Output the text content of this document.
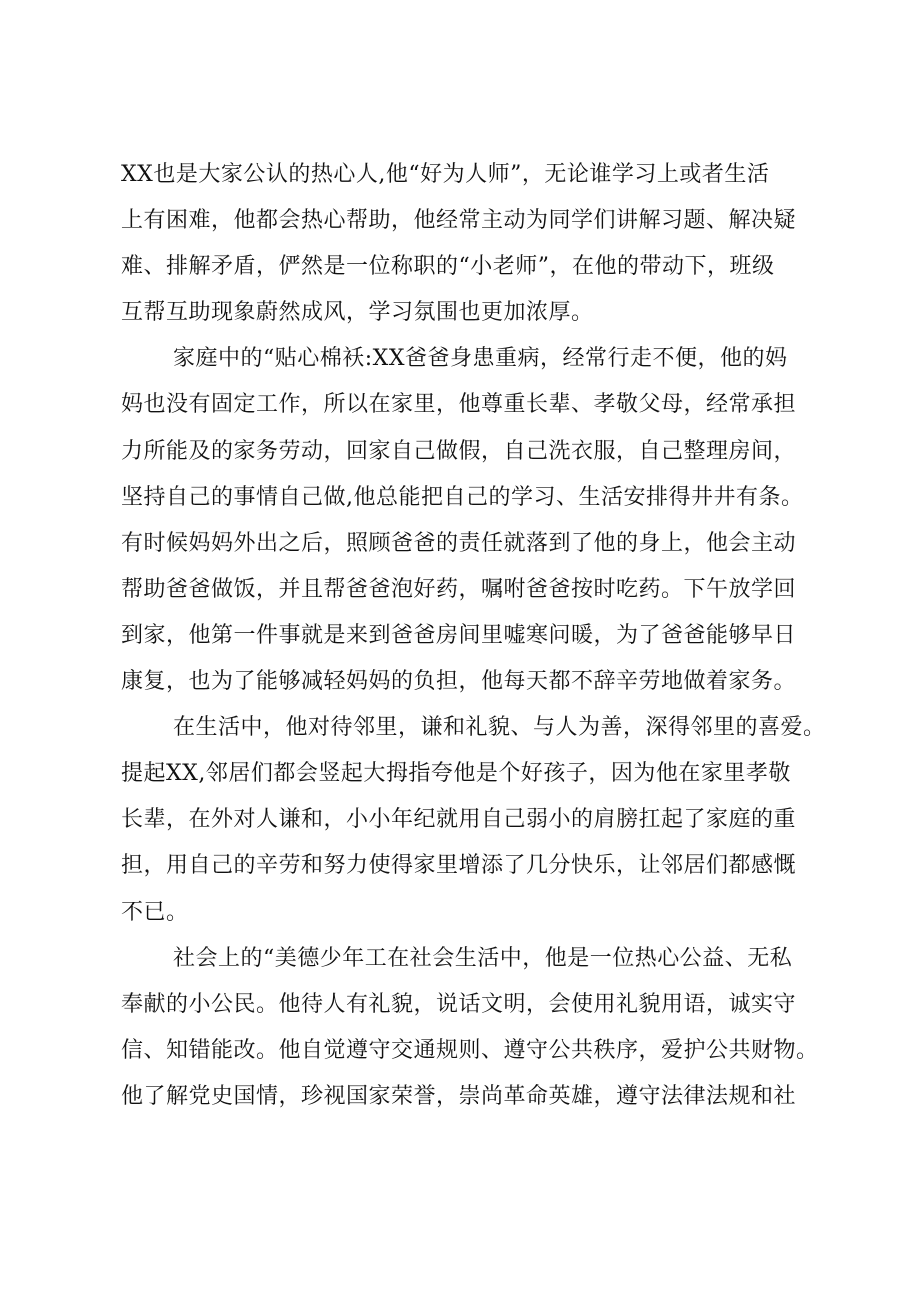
XX也是大家公认的热心人,他“好为人师”，无论谁学习上或者生活
上有困难，他都会热心帮助，他经常主动为同学们讲解习题、解决疑
难、排解矛盾，俨然是一位称职的“小老师”，在他的带动下，班级
互帮互助现象蔚然成风，学习氛围也更加浓厚。
家庭中的“贴心棉袄:XX爸爸身患重病，经常行走不便，他的妈
妈也没有固定工作，所以在家里，他尊重长辈、孝敬父母，经常承担
力所能及的家务劳动，回家自己做假，自己洗衣服，自己整理房间，
坚持自己的事情自己做,他总能把自己的学习、生活安排得井井有条。
有时候妈妈外出之后，照顾爸爸的责任就落到了他的身上，他会主动
帮助爸爸做饭，并且帮爸爸泡好药，嘱咐爸爸按时吃药。下午放学回
到家，他第一件事就是来到爸爸房间里嘘寒问暖，为了爸爸能够早日
康复，也为了能够减轻妈妈的负担，他每天都不辞辛劳地做着家务。
在生活中，他对待邻里，谦和礼貌、与人为善，深得邻里的喜爱。
提起XX,邻居们都会竖起大拇指夸他是个好孩子，因为他在家里孝敬
长辈，在外对人谦和，小小年纪就用自己弱小的肩膀扛起了家庭的重
担，用自己的辛劳和努力使得家里增添了几分快乐，让邻居们都感慨
不已。
社会上的“美德少年工在社会生活中，他是一位热心公益、无私
奉献的小公民。他待人有礼貌，说话文明，会使用礼貌用语，诚实守
信、知错能改。他自觉遵守交通规则、遵守公共秩序，爱护公共财物。
他了解党史国情，珍视国家荣誉，崇尚革命英雄，遵守法律法规和社
